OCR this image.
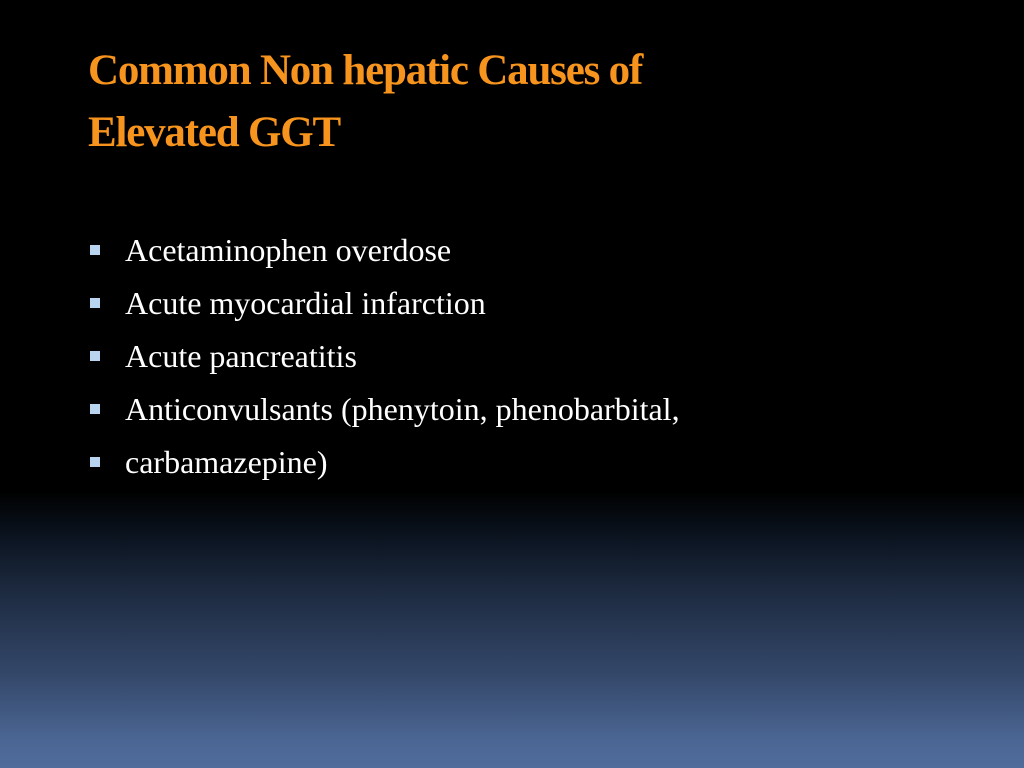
Common Non hepatic Causes of
Elevated GGT
Acetaminophen overdose
Acute myocardial infarction
Acute pancreatitis
Anticonvulsants (phenytoin, phenobarbital,
carbamazepine)
